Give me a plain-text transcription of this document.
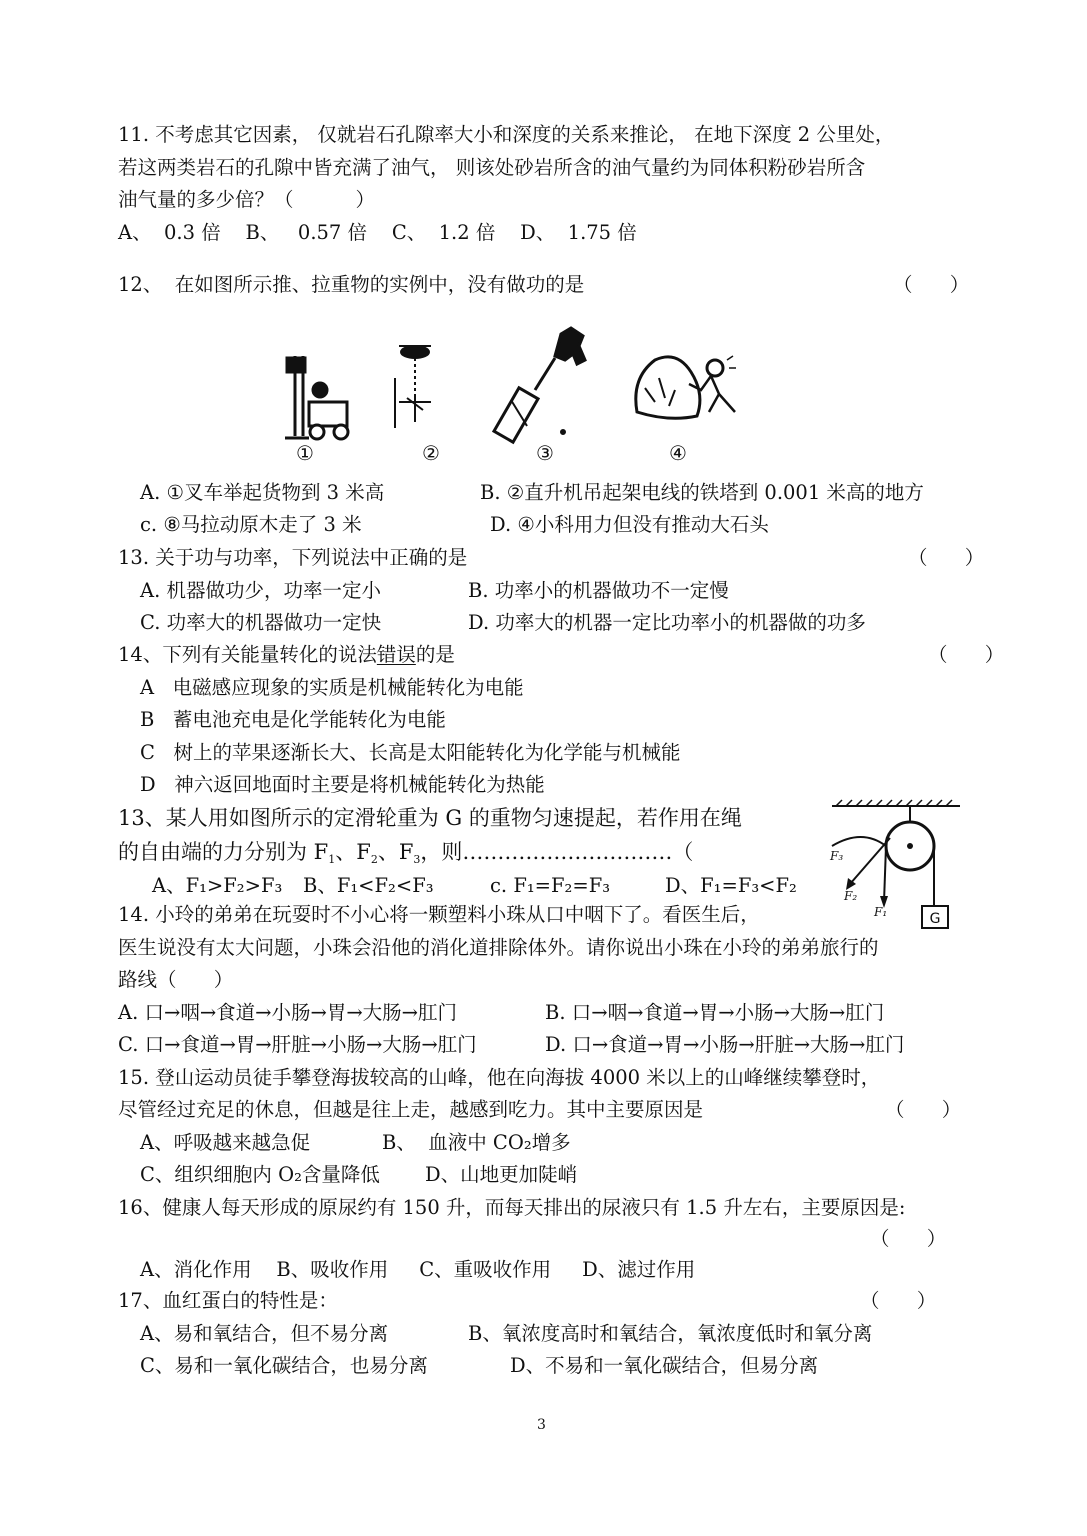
11. 不考虑其它因素， 仅就岩石孔隙率大小和深度的关系来推论， 在地下深度 2 公里处，
若这两类岩石的孔隙中皆充满了油气， 则该处砂岩所含的油气量约为同体积粉砂岩所含
油气量的多少倍？（          ）
A、  0.3 倍    B、   0.57 倍    C、  1.2 倍    D、  1.75 倍
12、  在如图所示推、拉重物的实例中，没有做功的是	（      ）
①	②	③	④
A. ①叉车举起货物到 3 米高	B. ②直升机吊起架电线的铁塔到 0.001 米高的地方
c. ⑧马拉动原木走了 3 米	D. ④小科用力但没有推动大石头
13. 关于功与功率，下列说法中正确的是	（      ）
A. 机器做功少，功率一定小	B. 功率小的机器做功不一定慢
C. 功率大的机器做功一定快	D. 功率大的机器一定比功率小的机器做的功多
14、下列有关能量转化的说法错误的是	（      ）
A   电磁感应现象的实质是机械能转化为电能
B   蓄电池充电是化学能转化为电能
C   树上的苹果逐渐长大、长高是太阳能转化为化学能与机械能
D   神六返回地面时主要是将机械能转化为热能
13、某人用如图所示的定滑轮重为 G 的重物匀速提起，若作用在绳
的自由端的力分别为 $F_1$、$F_2$、$F_3$，则…………………………（
A、F₁>F₂>F₃ B、F₁<F₂<F₃	c. F₁=F₂=F₃	D、F₁=F₃<F₂
G
F₃
F₂
F₁
14. 小玲的弟弟在玩耍时不小心将一颗塑料小珠从口中咽下了。看医生后，
医生说没有太大问题，小珠会沿他的消化道排除体外。请你说出小珠在小玲的弟弟旅行的
路线（      ）
A. 口→咽→食道→小肠→胃→大肠→肛门	B. 口→咽→食道→胃→小肠→大肠→肛门
C. 口→食道→胃→肝脏→小肠→大肠→肛门	D. 口→食道→胃→小肠→肝脏→大肠→肛门
15. 登山运动员徒手攀登海拔较高的山峰，他在向海拔 4000 米以上的山峰继续攀登时，
尽管经过充足的休息，但越是往上走，越感到吃力。其中主要原因是	（      ）
A、呼吸越来越急促	B、  血液中 CO₂增多
C、组织细胞内 O₂含量降低 D、山地更加陡峭
16、健康人每天形成的原尿约有 150 升，而每天排出的尿液只有 1.5 升左右，主要原因是:
（      ）
A、消化作用    B、吸收作用     C、重吸收作用     D、滤过作用
17、血红蛋白的特性是：	（      ）
A、易和氧结合，但不易分离	B、氧浓度高时和氧结合，氧浓度低时和氧分离
C、易和一氧化碳结合，也易分离	D、不易和一氧化碳结合，但易分离
3
